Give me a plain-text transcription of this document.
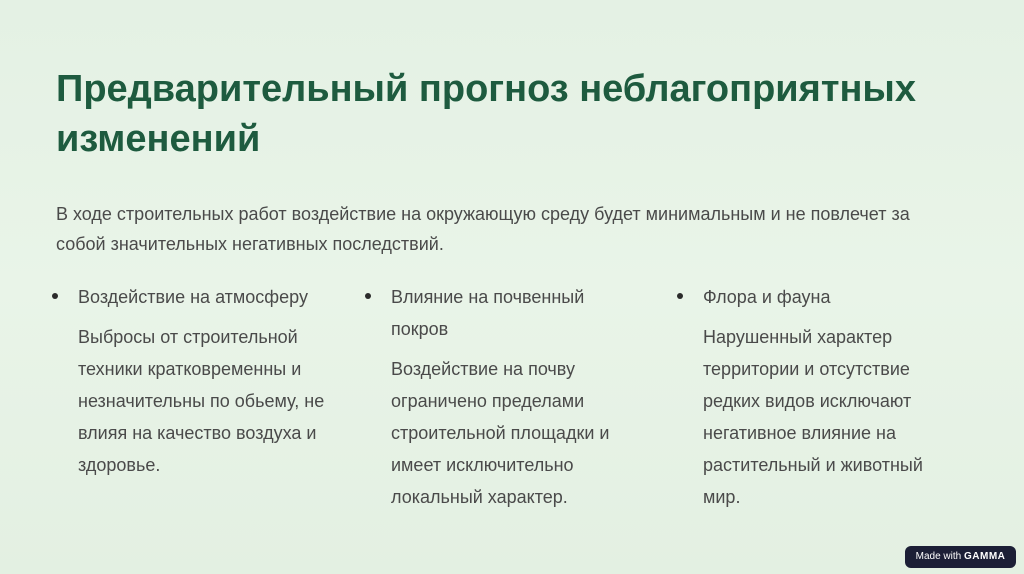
Предварительный прогноз неблагоприятных изменений

В ходе строительных работ воздействие на окружающую среду будет минимальным и не повлечет за собой значительных негативных последствий.

Воздействие на атмосферу
Выбросы от строительной техники кратковременны и незначительны по обьему, не влияя на качество воздуха и здоровье.
Влияние на почвенный покров
Воздействие на почву ограничено пределами строительной площадки и имеет исключительно локальный характер.
Флора и фауна
Нарушенный характер территории и отсутствие редких видов исключают негативное влияние на растительный и животный мир.
Made with GAMMA
